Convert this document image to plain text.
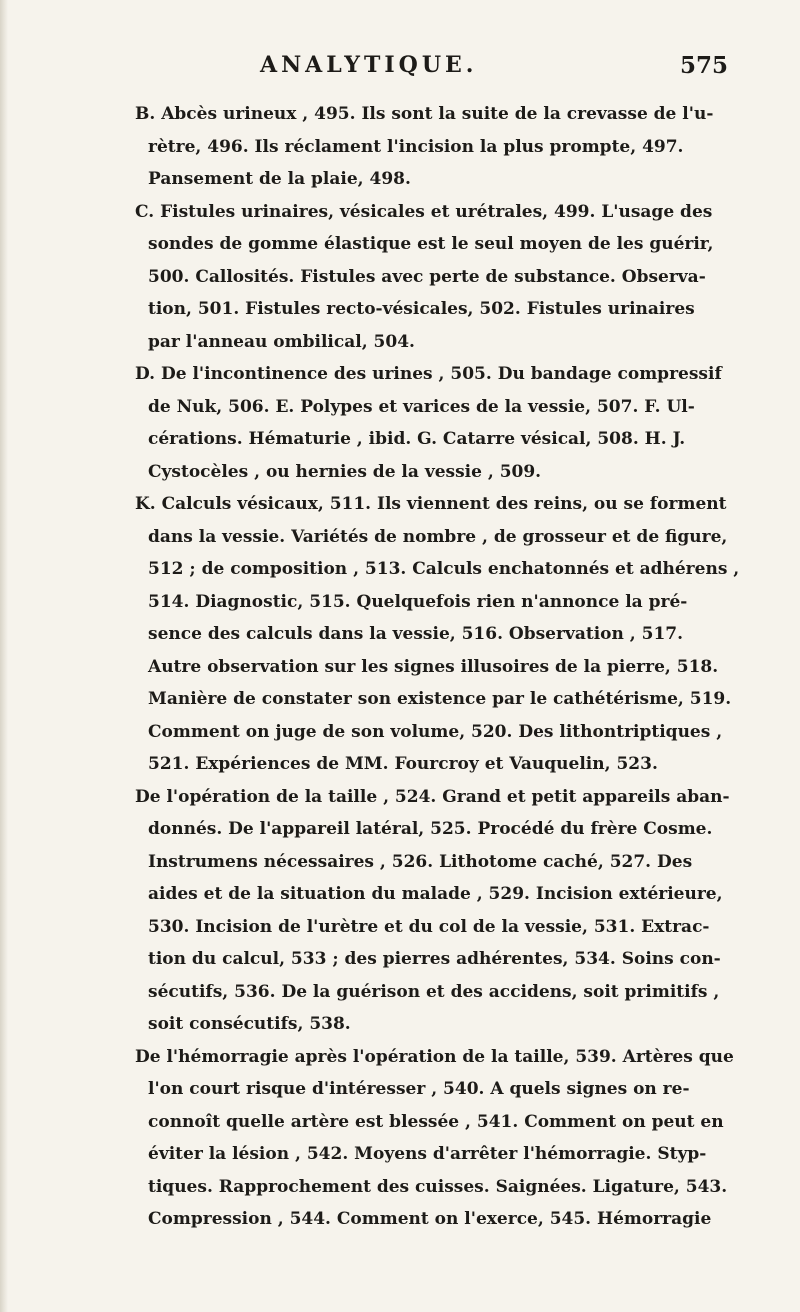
ANALYTIQUE.	575
B. Abcès urineux , 495. Ils sont la suite de la crevasse de l'u-
rètre, 496. Ils réclament l'incision la plus prompte, 497.
Pansement de la plaie, 498.
C. Fistules urinaires, vésicales et urétrales, 499. L'usage des
sondes de gomme élastique est le seul moyen de les guérir,
500. Callosités. Fistules avec perte de substance. Observa-
tion, 501. Fistules recto-vésicales, 502. Fistules urinaires
par l'anneau ombilical, 504.
D. De l'incontinence des urines , 505. Du bandage compressif
de Nuk, 506. E. Polypes et varices de la vessie, 507. F. Ul-
cérations. Hématurie , ibid. G. Catarre vésical, 508. H. J.
Cystocèles , ou hernies de la vessie , 509.
K. Calculs vésicaux, 511. Ils viennent des reins, ou se forment
dans la vessie. Variétés de nombre , de grosseur et de figure,
512 ; de composition , 513. Calculs enchatonnés et adhérens ,
514. Diagnostic, 515. Quelquefois rien n'annonce la pré-
sence des calculs dans la vessie, 516. Observation , 517.
Autre observation sur les signes illusoires de la pierre, 518.
Manière de constater son existence par le cathétérisme, 519.
Comment on juge de son volume, 520. Des lithontriptiques ,
521. Expériences de MM. Fourcroy et Vauquelin, 523.
De l'opération de la taille , 524. Grand et petit appareils aban-
donnés. De l'appareil latéral, 525. Procédé du frère Cosme.
Instrumens nécessaires , 526. Lithotome caché, 527. Des
aides et de la situation du malade , 529. Incision extérieure,
530. Incision de l'urètre et du col de la vessie, 531. Extrac-
tion du calcul, 533 ; des pierres adhérentes, 534. Soins con-
sécutifs, 536. De la guérison et des accidens, soit primitifs ,
soit consécutifs, 538.
De l'hémorragie après l'opération de la taille, 539. Artères que
l'on court risque d'intéresser , 540. A quels signes on re-
connoît quelle artère est blessée , 541. Comment on peut en
éviter la lésion , 542. Moyens d'arrêter l'hémorragie. Styp-
tiques. Rapprochement des cuisses. Saignées. Ligature, 543.
Compression , 544. Comment on l'exerce, 545. Hémorragie
